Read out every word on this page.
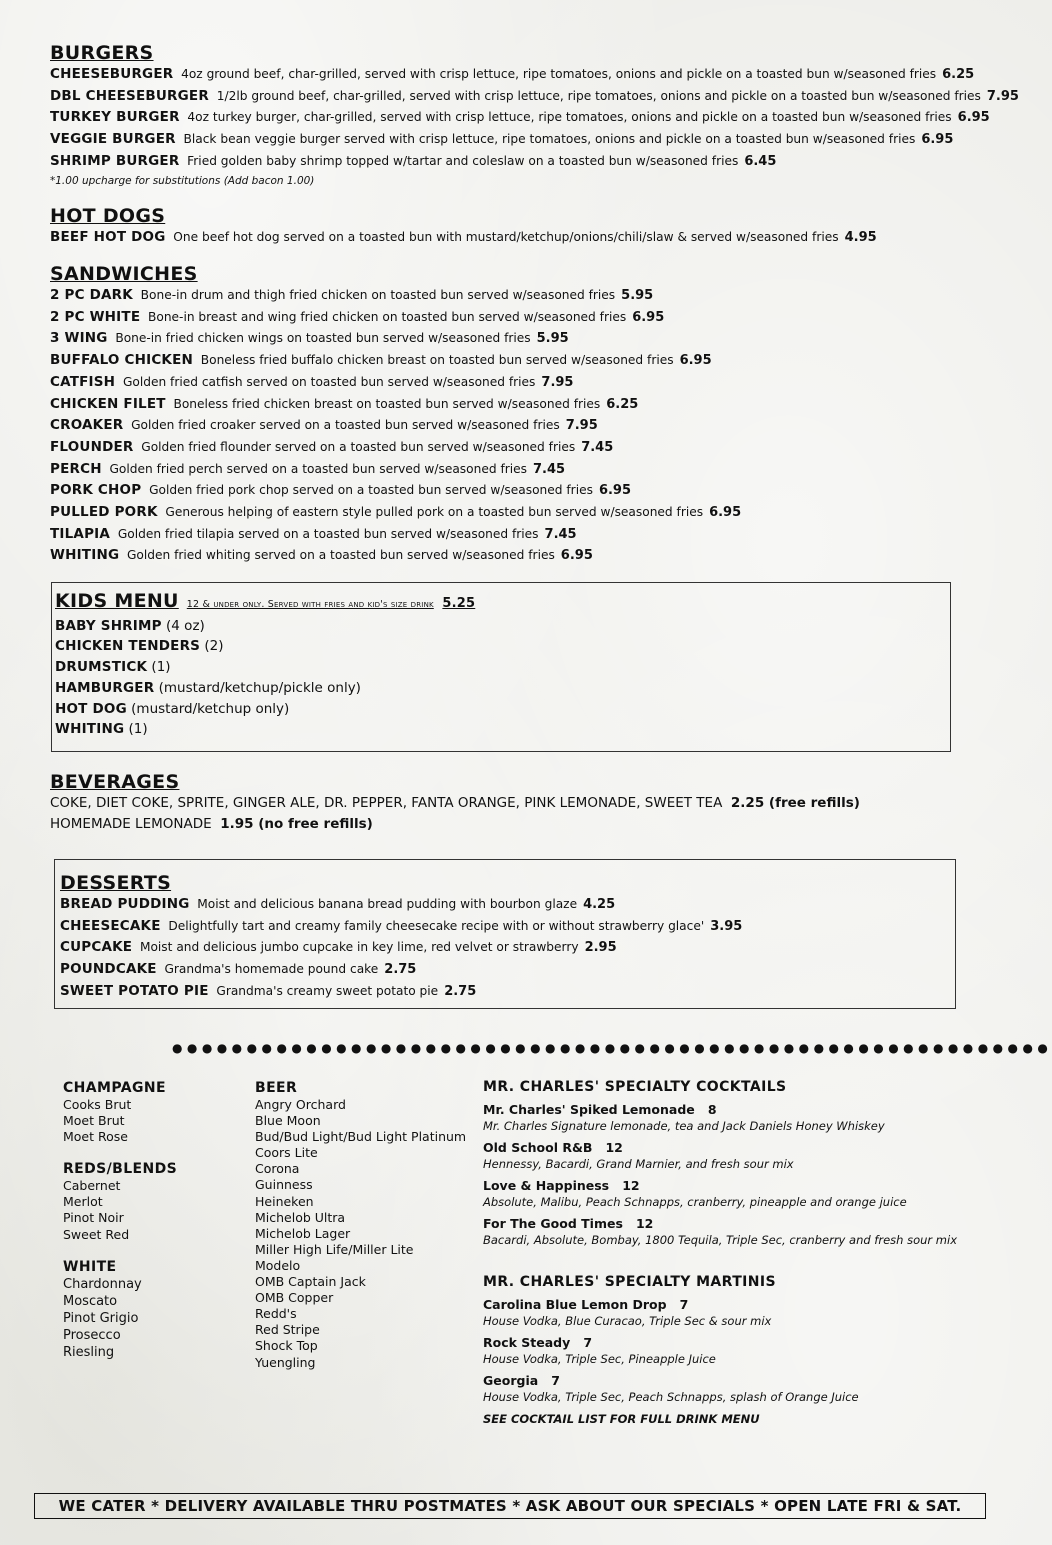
BURGERS
CHEESEBURGER 4oz ground beef, char-grilled, served with crisp lettuce, ripe tomatoes, onions and pickle on a toasted bun w/seasoned fries 6.25
DBL CHEESEBURGER 1/2lb ground beef, char-grilled, served with crisp lettuce, ripe tomatoes, onions and pickle on a toasted bun w/seasoned fries 7.95
TURKEY BURGER 4oz turkey burger, char-grilled, served with crisp lettuce, ripe tomatoes, onions and pickle on a toasted bun w/seasoned fries 6.95
VEGGIE BURGER Black bean veggie burger served with crisp lettuce, ripe tomatoes, onions and pickle on a toasted bun w/seasoned fries 6.95
SHRIMP BURGER Fried golden baby shrimp topped w/tartar and coleslaw on a toasted bun w/seasoned fries 6.45
*1.00 upcharge for substitutions (Add bacon 1.00)
HOT DOGS
BEEF HOT DOG One beef hot dog served on a toasted bun with mustard/ketchup/onions/chili/slaw & served w/seasoned fries 4.95
SANDWICHES
2 PC DARK Bone-in drum and thigh fried chicken on toasted bun served w/seasoned fries 5.95
2 PC WHITE Bone-in breast and wing fried chicken on toasted bun served w/seasoned fries 6.95
3 WING Bone-in fried chicken wings on toasted bun served w/seasoned fries 5.95
BUFFALO CHICKEN Boneless fried buffalo chicken breast on toasted bun served w/seasoned fries 6.95
CATFISH Golden fried catfish served on toasted bun served w/seasoned fries 7.95
CHICKEN FILET Boneless fried chicken breast on toasted bun served w/seasoned fries 6.25
CROAKER Golden fried croaker served on a toasted bun served w/seasoned fries 7.95
FLOUNDER Golden fried flounder served on a toasted bun served w/seasoned fries 7.45
PERCH Golden fried perch served on a toasted bun served w/seasoned fries 7.45
PORK CHOP Golden fried pork chop served on a toasted bun served w/seasoned fries 6.95
PULLED PORK Generous helping of eastern style pulled pork on a toasted bun served w/seasoned fries 6.95
TILAPIA Golden fried tilapia served on a toasted bun served w/seasoned fries 7.45
WHITING Golden fried whiting served on a toasted bun served w/seasoned fries 6.95
KIDS MENU 12 & under only. Served with fries and kid's size drink 5.25
BABY SHRIMP (4 oz)
CHICKEN TENDERS (2)
DRUMSTICK (1)
HAMBURGER (mustard/ketchup/pickle only)
HOT DOG (mustard/ketchup only)
WHITING (1)
BEVERAGES
COKE, DIET COKE, SPRITE, GINGER ALE, DR. PEPPER, FANTA ORANGE, PINK LEMONADE, SWEET TEA 2.25 (free refills)
HOMEMADE LEMONADE 1.95 (no free refills)
DESSERTS
BREAD PUDDING Moist and delicious banana bread pudding with bourbon glaze 4.25
CHEESECAKE Delightfully tart and creamy family cheesecake recipe with or without strawberry glace' 3.95
CUPCAKE Moist and delicious jumbo cupcake in key lime, red velvet or strawberry 2.95
POUNDCAKE Grandma's homemade pound cake 2.75
SWEET POTATO PIE Grandma's creamy sweet potato pie 2.75
●●●●●●●●●●●●●●●●●●●●●●●●●●●●●●●●●●●●●●●●●●●●●●●●●●●●●●●●●●●
CHAMPAGNE
Cooks Brut
Moet Brut
Moet Rose
REDS/BLENDS
Cabernet
Merlot
Pinot Noir
Sweet Red
WHITE
Chardonnay
Moscato
Pinot Grigio
Prosecco
Riesling
BEER
Angry Orchard
Blue Moon
Bud/Bud Light/Bud Light Platinum
Coors Lite
Corona
Guinness
Heineken
Michelob Ultra
Michelob Lager
Miller High Life/Miller Lite
Modelo
OMB Captain Jack
OMB Copper
Redd's
Red Stripe
Shock Top
Yuengling
MR. CHARLES' SPECIALTY COCKTAILS
Mr. Charles' Spiked Lemonade 8
Mr. Charles Signature lemonade, tea and Jack Daniels Honey Whiskey
Old School R&B 12
Hennessy, Bacardi, Grand Marnier, and fresh sour mix
Love & Happiness 12
Absolute, Malibu, Peach Schnapps, cranberry, pineapple and orange juice
For The Good Times 12
Bacardi, Absolute, Bombay, 1800 Tequila, Triple Sec, cranberry and fresh sour mix
MR. CHARLES' SPECIALTY MARTINIS
Carolina Blue Lemon Drop 7
House Vodka, Blue Curacao, Triple Sec & sour mix
Rock Steady 7
House Vodka, Triple Sec, Pineapple Juice
Georgia 7
House Vodka, Triple Sec, Peach Schnapps, splash of Orange Juice
SEE COCKTAIL LIST FOR FULL DRINK MENU
WE CATER * DELIVERY AVAILABLE THRU POSTMATES * ASK ABOUT OUR SPECIALS * OPEN LATE FRI & SAT.
